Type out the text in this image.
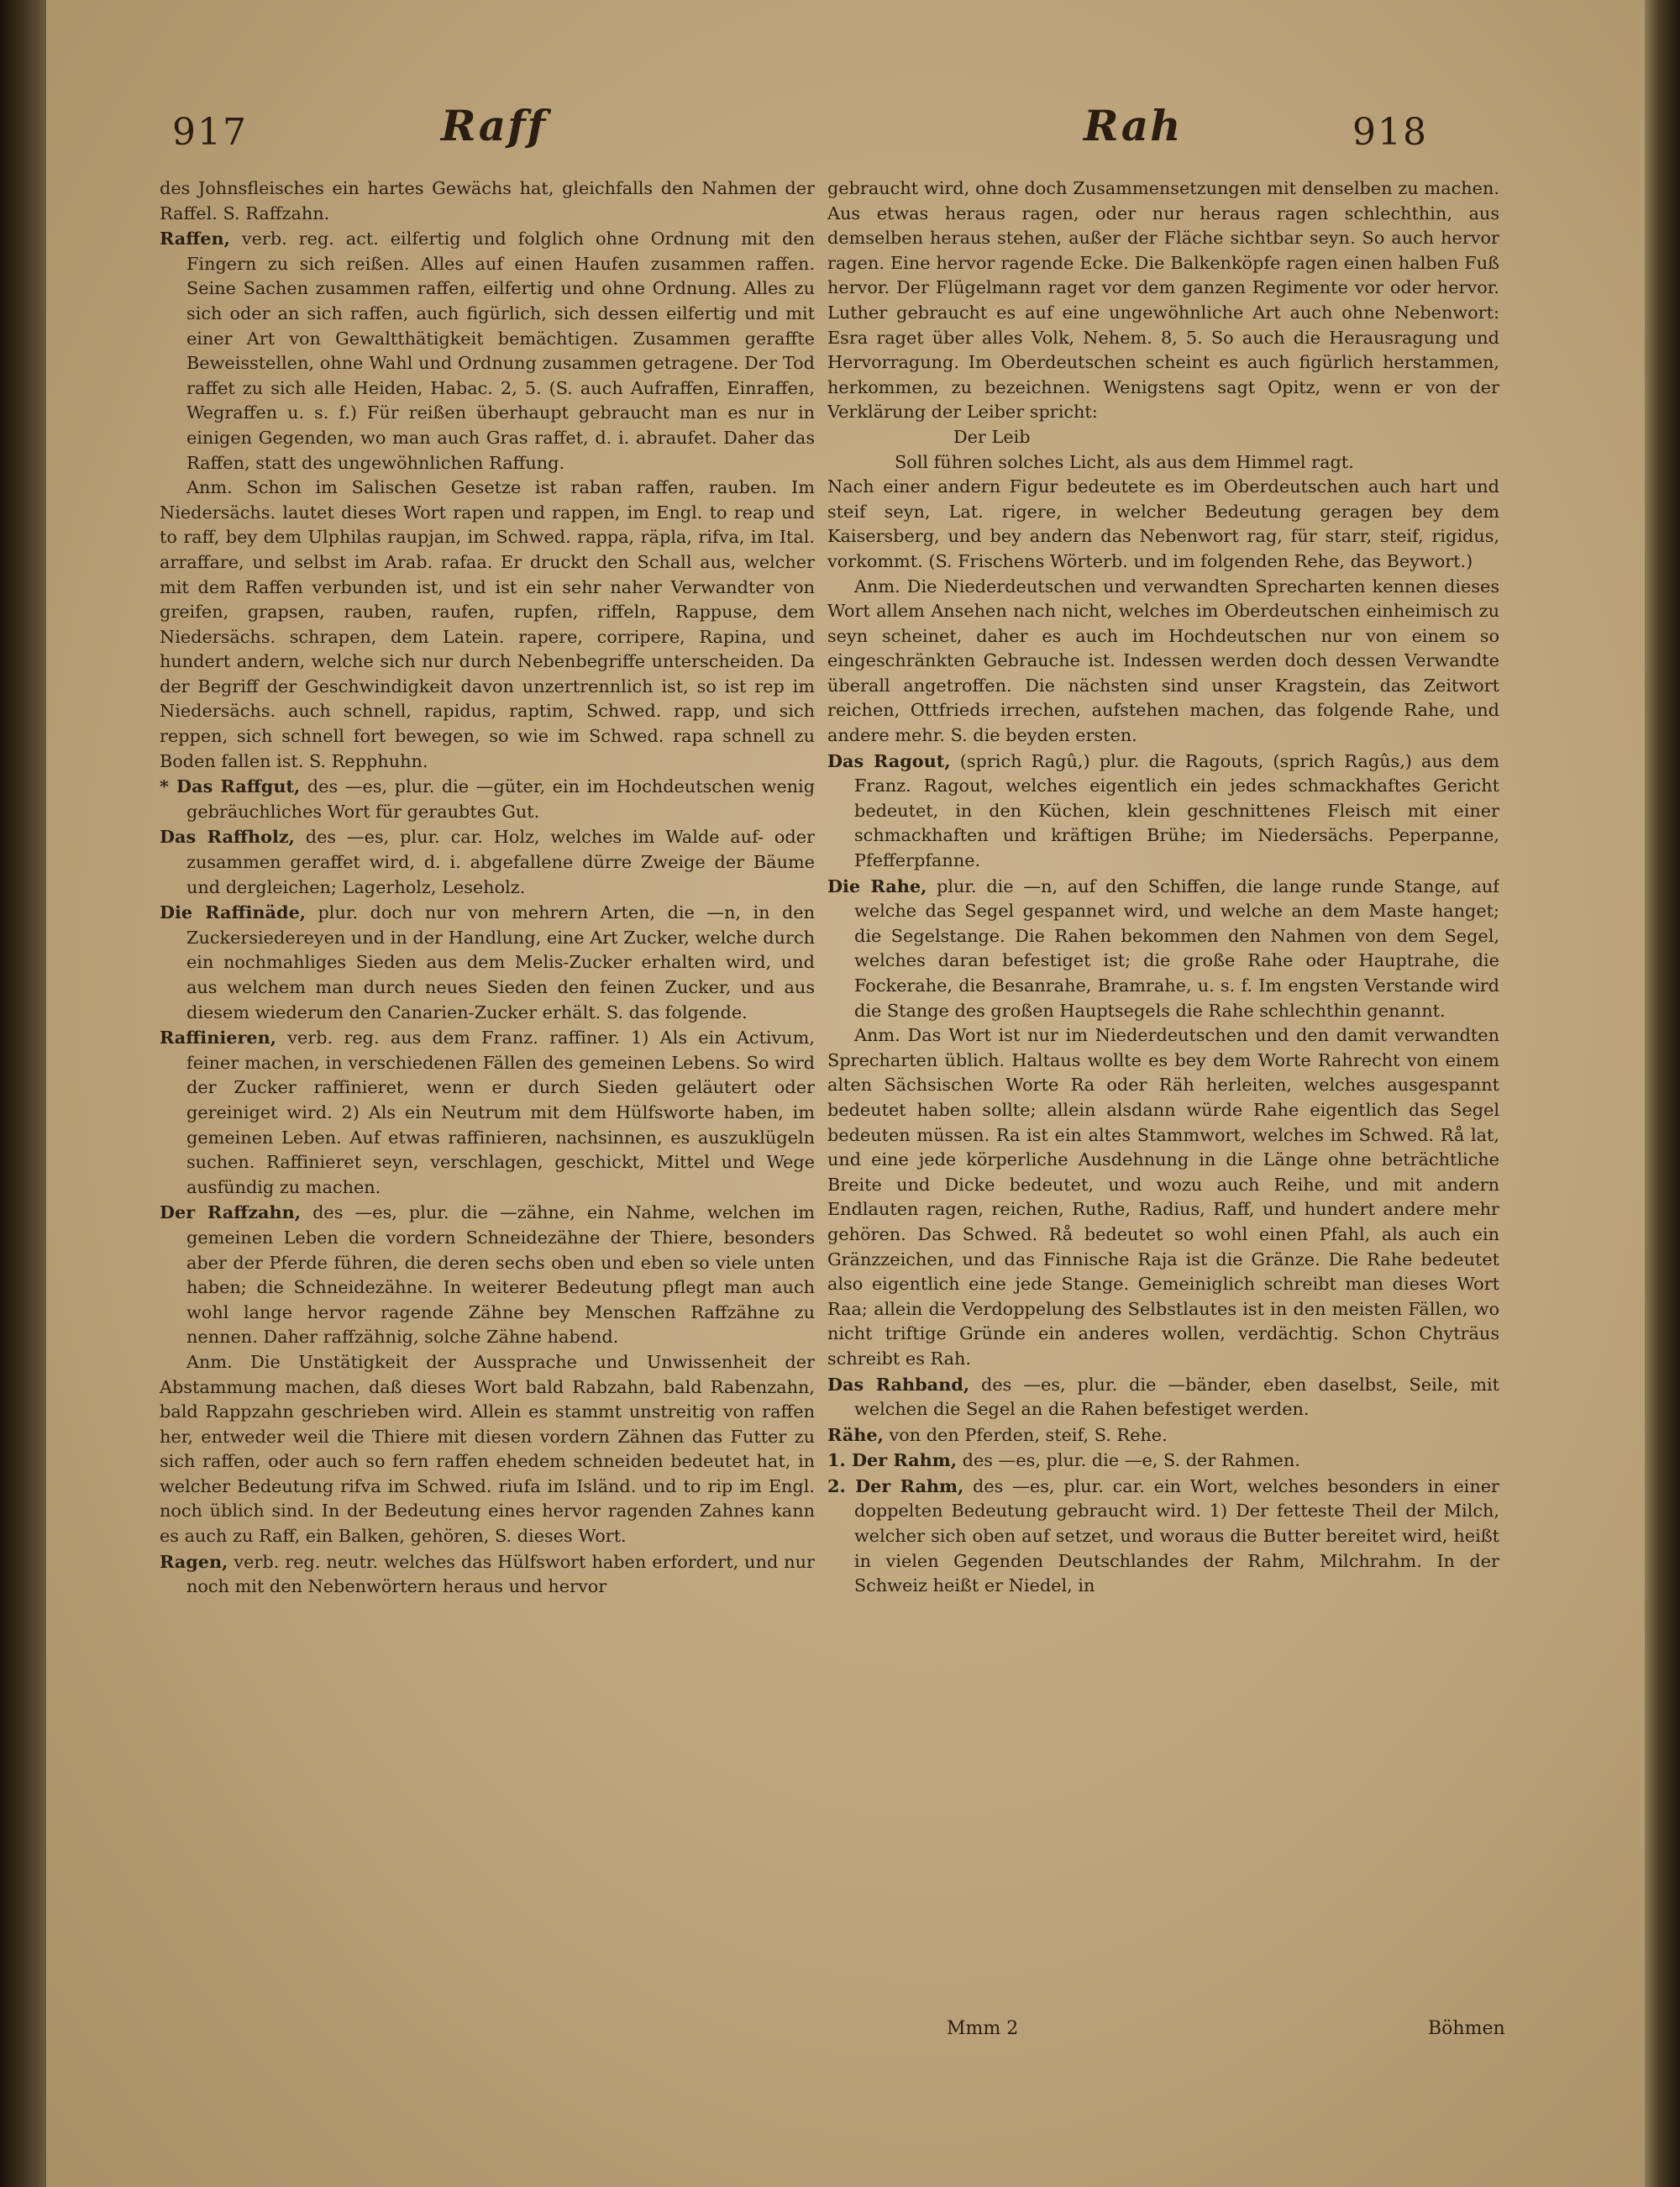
917	Raff	Rah	918

des Johnsfleisches ein hartes Gewächs hat, gleichfalls den Nahmen der Raffel. S. Raffzahn.

Raffen, verb. reg. act. eilfertig und folglich ohne Ordnung mit den Fingern zu sich reißen. Alles auf einen Haufen zusammen raffen. Seine Sachen zusammen raffen, eilfertig und ohne Ordnung. Alles zu sich oder an sich raffen, auch figürlich, sich dessen eilfertig und mit einer Art von Gewaltthätigkeit bemächtigen. Zusammen geraffte Beweisstellen, ohne Wahl und Ordnung zusammen getragene. Der Tod raffet zu sich alle Heiden, Habac. 2, 5. (S. auch Aufraffen, Einraffen, Wegraffen u. s. f.) Für reißen überhaupt gebraucht man es nur in einigen Gegenden, wo man auch Gras raffet, d. i. abraufet. Daher das Raffen, statt des ungewöhnlichen Raffung.

Anm. Schon im Salischen Gesetze ist raban raffen, rauben. Im Niedersächs. lautet dieses Wort rapen und rappen, im Engl. to reap und to raff, bey dem Ulphilas raupjan, im Schwed. rappa, räpla, rifva, im Ital. arraffare, und selbst im Arab. rafaa. Er druckt den Schall aus, welcher mit dem Raffen verbunden ist, und ist ein sehr naher Verwandter von greifen, grapsen, rauben, raufen, rupfen, riffeln, Rappuse, dem Niedersächs. schrapen, dem Latein. rapere, corripere, Rapina, und hundert andern, welche sich nur durch Nebenbegriffe unterscheiden. Da der Begriff der Geschwindigkeit davon unzertrennlich ist, so ist rep im Niedersächs. auch schnell, rapidus, raptim, Schwed. rapp, und sich reppen, sich schnell fort bewegen, so wie im Schwed. rapa schnell zu Boden fallen ist. S. Repphuhn.

* Das Raffgut, des —es, plur. die —güter, ein im Hochdeutschen wenig gebräuchliches Wort für geraubtes Gut.

Das Raffholz, des —es, plur. car. Holz, welches im Walde auf- oder zusammen geraffet wird, d. i. abgefallene dürre Zweige der Bäume und dergleichen; Lagerholz, Leseholz.

Die Raffinäde, plur. doch nur von mehrern Arten, die —n, in den Zuckersiedereyen und in der Handlung, eine Art Zucker, welche durch ein nochmahliges Sieden aus dem Melis-Zucker erhalten wird, und aus welchem man durch neues Sieden den feinen Zucker, und aus diesem wiederum den Canarien-Zucker erhält. S. das folgende.

Raffinieren, verb. reg. aus dem Franz. raffiner. 1) Als ein Activum, feiner machen, in verschiedenen Fällen des gemeinen Lebens. So wird der Zucker raffinieret, wenn er durch Sieden geläutert oder gereiniget wird. 2) Als ein Neutrum mit dem Hülfsworte haben, im gemeinen Leben. Auf etwas raffinieren, nachsinnen, es auszuklügeln suchen. Raffinieret seyn, verschlagen, geschickt, Mittel und Wege ausfündig zu machen.

Der Raffzahn, des —es, plur. die —zähne, ein Nahme, welchen im gemeinen Leben die vordern Schneidezähne der Thiere, besonders aber der Pferde führen, die deren sechs oben und eben so viele unten haben; die Schneidezähne. In weiterer Bedeutung pflegt man auch wohl lange hervor ragende Zähne bey Menschen Raffzähne zu nennen. Daher raffzähnig, solche Zähne habend.

Anm. Die Unstätigkeit der Aussprache und Unwissenheit der Abstammung machen, daß dieses Wort bald Rabzahn, bald Rabenzahn, bald Rappzahn geschrieben wird. Allein es stammt unstreitig von raffen her, entweder weil die Thiere mit diesen vordern Zähnen das Futter zu sich raffen, oder auch so fern raffen ehedem schneiden bedeutet hat, in welcher Bedeutung rifva im Schwed. riufa im Isländ. und to rip im Engl. noch üblich sind. In der Bedeutung eines hervor ragenden Zahnes kann es auch zu Raff, ein Balken, gehören, S. dieses Wort.

Ragen, verb. reg. neutr. welches das Hülfswort haben erfordert, und nur noch mit den Nebenwörtern heraus und hervor

gebraucht wird, ohne doch Zusammensetzungen mit denselben zu machen. Aus etwas heraus ragen, oder nur heraus ragen schlechthin, aus demselben heraus stehen, außer der Fläche sichtbar seyn. So auch hervor ragen. Eine hervor ragende Ecke. Die Balkenköpfe ragen einen halben Fuß hervor. Der Flügelmann raget vor dem ganzen Regimente vor oder hervor. Luther gebraucht es auf eine ungewöhnliche Art auch ohne Nebenwort: Esra raget über alles Volk, Nehem. 8, 5. So auch die Herausragung und Hervorragung. Im Oberdeutschen scheint es auch figürlich herstammen, herkommen, zu bezeichnen. Wenigstens sagt Opitz, wenn er von der Verklärung der Leiber spricht:

Der Leib

Soll führen solches Licht, als aus dem Himmel ragt.

Nach einer andern Figur bedeutete es im Oberdeutschen auch hart und steif seyn, Lat. rigere, in welcher Bedeutung geragen bey dem Kaisersberg, und bey andern das Nebenwort rag, für starr, steif, rigidus, vorkommt. (S. Frischens Wörterb. und im folgenden Rehe, das Beywort.)

Anm. Die Niederdeutschen und verwandten Sprecharten kennen dieses Wort allem Ansehen nach nicht, welches im Oberdeutschen einheimisch zu seyn scheinet, daher es auch im Hochdeutschen nur von einem so eingeschränkten Gebrauche ist. Indessen werden doch dessen Verwandte überall angetroffen. Die nächsten sind unser Kragstein, das Zeitwort reichen, Ottfrieds irrechen, aufstehen machen, das folgende Rahe, und andere mehr. S. die beyden ersten.

Das Ragout, (sprich Ragû,) plur. die Ragouts, (sprich Ragûs,) aus dem Franz. Ragout, welches eigentlich ein jedes schmackhaftes Gericht bedeutet, in den Küchen, klein geschnittenes Fleisch mit einer schmackhaften und kräftigen Brühe; im Niedersächs. Peperpanne, Pfefferpfanne.

Die Rahe, plur. die —n, auf den Schiffen, die lange runde Stange, auf welche das Segel gespannet wird, und welche an dem Maste hanget; die Segelstange. Die Rahen bekommen den Nahmen von dem Segel, welches daran befestiget ist; die große Rahe oder Hauptrahe, die Fockerahe, die Besanrahe, Bramrahe, u. s. f. Im engsten Verstande wird die Stange des großen Hauptsegels die Rahe schlechthin genannt.

Anm. Das Wort ist nur im Niederdeutschen und den damit verwandten Sprecharten üblich. Haltaus wollte es bey dem Worte Rahrecht von einem alten Sächsischen Worte Ra oder Räh herleiten, welches ausgespannt bedeutet haben sollte; allein alsdann würde Rahe eigentlich das Segel bedeuten müssen. Ra ist ein altes Stammwort, welches im Schwed. Rå lat, und eine jede körperliche Ausdehnung in die Länge ohne beträchtliche Breite und Dicke bedeutet, und wozu auch Reihe, und mit andern Endlauten ragen, reichen, Ruthe, Radius, Raff, und hundert andere mehr gehören. Das Schwed. Rå bedeutet so wohl einen Pfahl, als auch ein Gränzzeichen, und das Finnische Raja ist die Gränze. Die Rahe bedeutet also eigentlich eine jede Stange. Gemeiniglich schreibt man dieses Wort Raa; allein die Verdoppelung des Selbstlautes ist in den meisten Fällen, wo nicht triftige Gründe ein anderes wollen, verdächtig. Schon Chyträus schreibt es Rah.

Das Rahband, des —es, plur. die —bänder, eben daselbst, Seile, mit welchen die Segel an die Rahen befestiget werden.

Rähe, von den Pferden, steif, S. Rehe.

1. Der Rahm, des —es, plur. die —e, S. der Rahmen.

2. Der Rahm, des —es, plur. car. ein Wort, welches besonders in einer doppelten Bedeutung gebraucht wird. 1) Der fetteste Theil der Milch, welcher sich oben auf setzet, und woraus die Butter bereitet wird, heißt in vielen Gegenden Deutschlandes der Rahm, Milchrahm. In der Schweiz heißt er Niedel, in

Mmm 2	Böhmen
